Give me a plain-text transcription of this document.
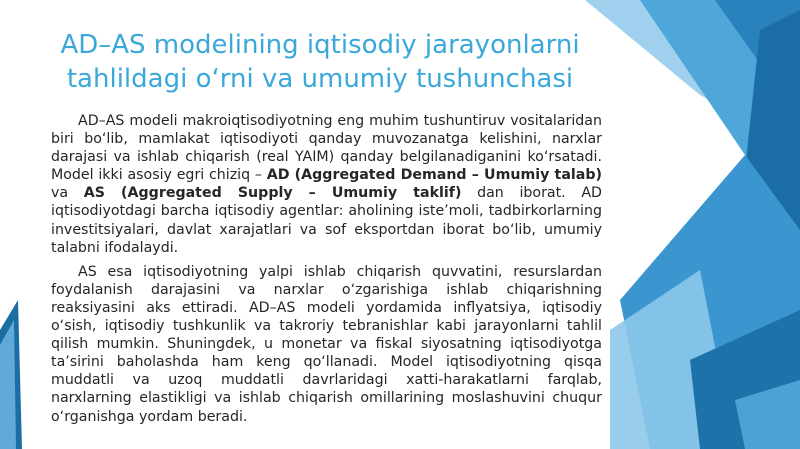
AD–AS modelining iqtisodiy jarayonlarni tahlildagi o‘rni va umumiy tushunchasi

AD–AS modeli makroiqtisodiyotning eng muhim tushuntiruv vositalaridan biri bo‘lib, mamlakat iqtisodiyoti qanday muvozanatga kelishini, narxlar darajasi va ishlab chiqarish (real YAIM) qanday belgilanadiganini ko‘rsatadi. Model ikki asosiy egri chiziq – AD (Aggregated Demand – Umumiy talab) va AS (Aggregated Supply – Umumiy taklif) dan iborat. AD iqtisodiyotdagi barcha iqtisodiy agentlar: aholining iste’moli, tadbirkorlarning investitsiyalari, davlat xarajatlari va sof eksportdan iborat bo‘lib, umumiy talabni ifodalaydi.

AS esa iqtisodiyotning yalpi ishlab chiqarish quvvatini, resurslardan foydalanish darajasini va narxlar o‘zgarishiga ishlab chiqarishning reaksiyasini aks ettiradi. AD–AS modeli yordamida inflyatsiya, iqtisodiy o‘sish, iqtisodiy tushkunlik va takroriy tebranishlar kabi jarayonlarni tahlil qilish mumkin. Shuningdek, u monetar va fiskal siyosatning iqtisodiyotga ta’sirini baholashda ham keng qo‘llanadi. Model iqtisodiyotning qisqa muddatli va uzoq muddatli davrlaridagi xatti-harakatlarni farqlab, narxlarning elastikligi va ishlab chiqarish omillarining moslashuvini chuqur o‘rganishga yordam beradi.
